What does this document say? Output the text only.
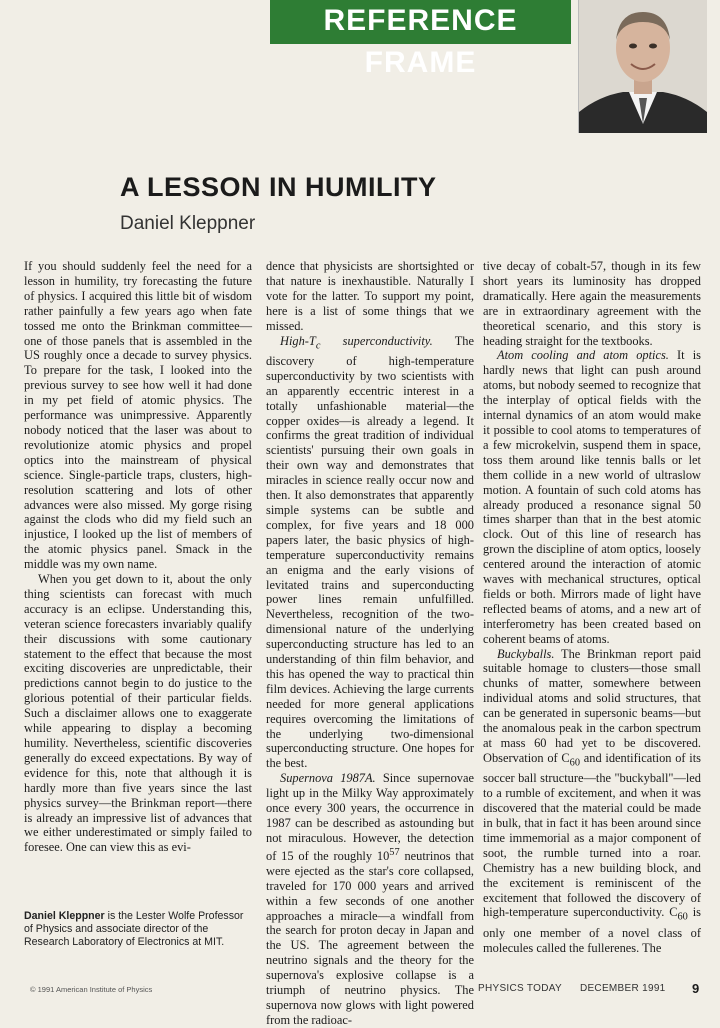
REFERENCE FRAME
A LESSON IN HUMILITY
Daniel Kleppner

If you should suddenly feel the need for a lesson in humility, try forecasting the future of physics. I acquired this little bit of wisdom rather painfully a few years ago when fate tossed me onto the Brinkman committee—one of those panels that is assembled in the US roughly once a decade to survey physics. To prepare for the task, I looked into the previous survey to see how well it had done in my pet field of atomic physics. The performance was unimpressive. Apparently nobody noticed that the laser was about to revolutionize atomic physics and propel optics into the mainstream of physical science. Single-particle traps, clusters, high-resolution scattering and lots of other advances were also missed. My gorge rising against the clods who did my field such an injustice, I looked up the list of members of the atomic physics panel. Smack in the middle was my own name.

When you get down to it, about the only thing scientists can forecast with much accuracy is an eclipse. Understanding this, veteran science forecasters invariably qualify their discussions with some cautionary statement to the effect that because the most exciting discoveries are unpredictable, their predictions cannot begin to do justice to the glorious potential of their particular fields. Such a disclaimer allows one to exaggerate while appearing to display a becoming humility. Nevertheless, scientific discoveries generally do exceed expectations. By way of evidence for this, note that although it is hardly more than five years since the last physics survey—the Brinkman report—there is already an impressive list of advances that we either underestimated or simply failed to foresee. One can view this as evi-

dence that physicists are shortsighted or that nature is inexhaustible. Naturally I vote for the latter. To support my point, here is a list of some things that we missed.

High-$T_c$ superconductivity. The discovery of high-temperature superconductivity by two scientists with an apparently eccentric interest in a totally unfashionable material—the copper oxides—is already a legend. It confirms the great tradition of individual scientists' pursuing their own goals in their own way and demonstrates that miracles in science really occur now and then. It also demonstrates that apparently simple systems can be subtle and complex, for five years and 18 000 papers later, the basic physics of high-temperature superconductivity remains an enigma and the early visions of levitated trains and superconducting power lines remain unfulfilled. Nevertheless, recognition of the two-dimensional nature of the underlying superconducting structure has led to an understanding of thin film behavior, and this has opened the way to practical thin film devices. Achieving the large currents needed for more general applications requires overcoming the limitations of the underlying two-dimensional superconducting structure. One hopes for the best.

Supernova 1987A. Since supernovae light up in the Milky Way approximately once every 300 years, the occurrence in 1987 can be described as astounding but not miraculous. However, the detection of 15 of the roughly $10^{57}$ neutrinos that were ejected as the star's core collapsed, traveled for 170 000 years and arrived within a few seconds of one another approaches a miracle—a windfall from the search for proton decay in Japan and the US. The agreement between the neutrino signals and the theory for the supernova's explosive collapse is a triumph of neutrino physics. The supernova now glows with light powered from the radioac-

tive decay of cobalt-57, though in its few short years its luminosity has dropped dramatically. Here again the measurements are in extraordinary agreement with the theoretical scenario, and this story is heading straight for the textbooks.

Atom cooling and atom optics. It is hardly news that light can push around atoms, but nobody seemed to recognize that the interplay of optical fields with the internal dynamics of an atom would make it possible to cool atoms to temperatures of a few microkelvin, suspend them in space, toss them around like tennis balls or let them collide in a new world of ultraslow motion. A fountain of such cold atoms has already produced a resonance signal 50 times sharper than that in the best atomic clock. Out of this line of research has grown the discipline of atom optics, loosely centered around the interaction of atomic waves with mechanical structures, optical fields or both. Mirrors made of light have reflected beams of atoms, and a new art of interferometry has been created based on coherent beams of atoms.

Buckyballs. The Brinkman report paid suitable homage to clusters—those small chunks of matter, somewhere between individual atoms and solid structures, that can be generated in supersonic beams—but the anomalous peak in the carbon spectrum at mass 60 had yet to be discovered. Observation of $C_{60}$ and identification of its soccer ball structure—the "buckyball"—led to a rumble of excitement, and when it was discovered that the material could be made in bulk, that in fact it has been around since time immemorial as a major component of soot, the rumble turned into a roar. Chemistry has a new building block, and the excitement is reminiscent of the excitement that followed the discovery of high-temperature superconductivity. $C_{60}$ is only one member of a novel class of molecules called the fullerenes. The

Daniel Kleppner is the Lester Wolfe Professor of Physics and associate director of the Research Laboratory of Electronics at MIT.
© 1991 American Institute of Physics	PHYSICS TODAY DECEMBER 1991 9
